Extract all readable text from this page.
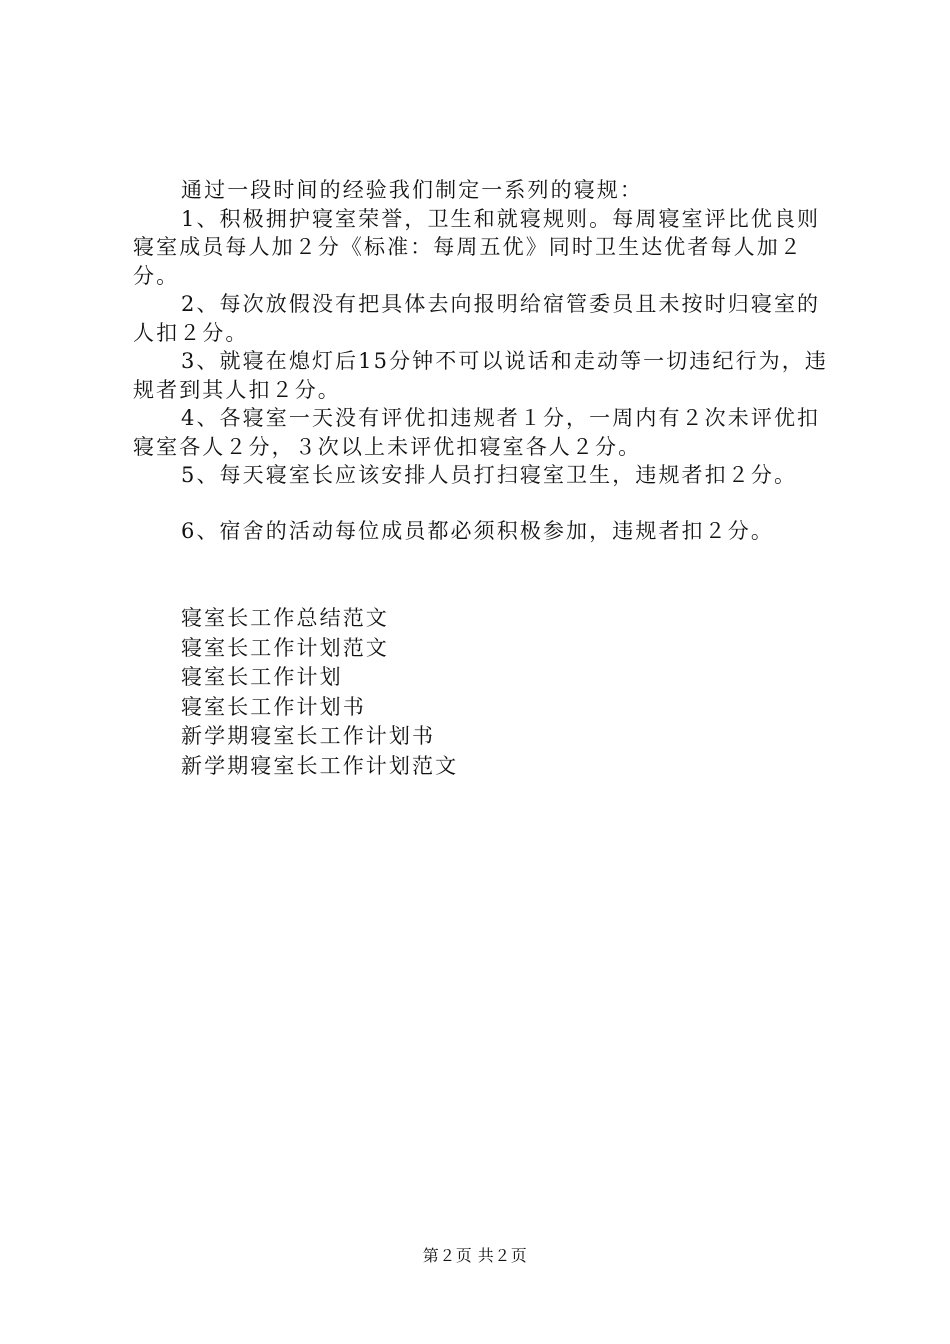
通过一段时间的经验我们制定一系列的寝规：

1、积极拥护寝室荣誉，卫生和就寝规则。每周寝室评比优良则寝室成员每人加２分《标准：每周五优》同时卫生达优者每人加２分。

2、每次放假没有把具体去向报明给宿管委员且未按时归寝室的人扣２分。

3、就寝在熄灯后15分钟不可以说话和走动等一切违纪行为，违规者到其人扣２分。

4、各寝室一天没有评优扣违规者１分，一周内有２次未评优扣寝室各人２分，３次以上未评优扣寝室各人２分。

5、每天寝室长应该安排人员打扫寝室卫生，违规者扣２分。

6、宿舍的活动每位成员都必须积极参加，违规者扣２分。

寝室长工作总结范文
寝室长工作计划范文
寝室长工作计划
寝室长工作计划书
新学期寝室长工作计划书
新学期寝室长工作计划范文
第２页 共２页
